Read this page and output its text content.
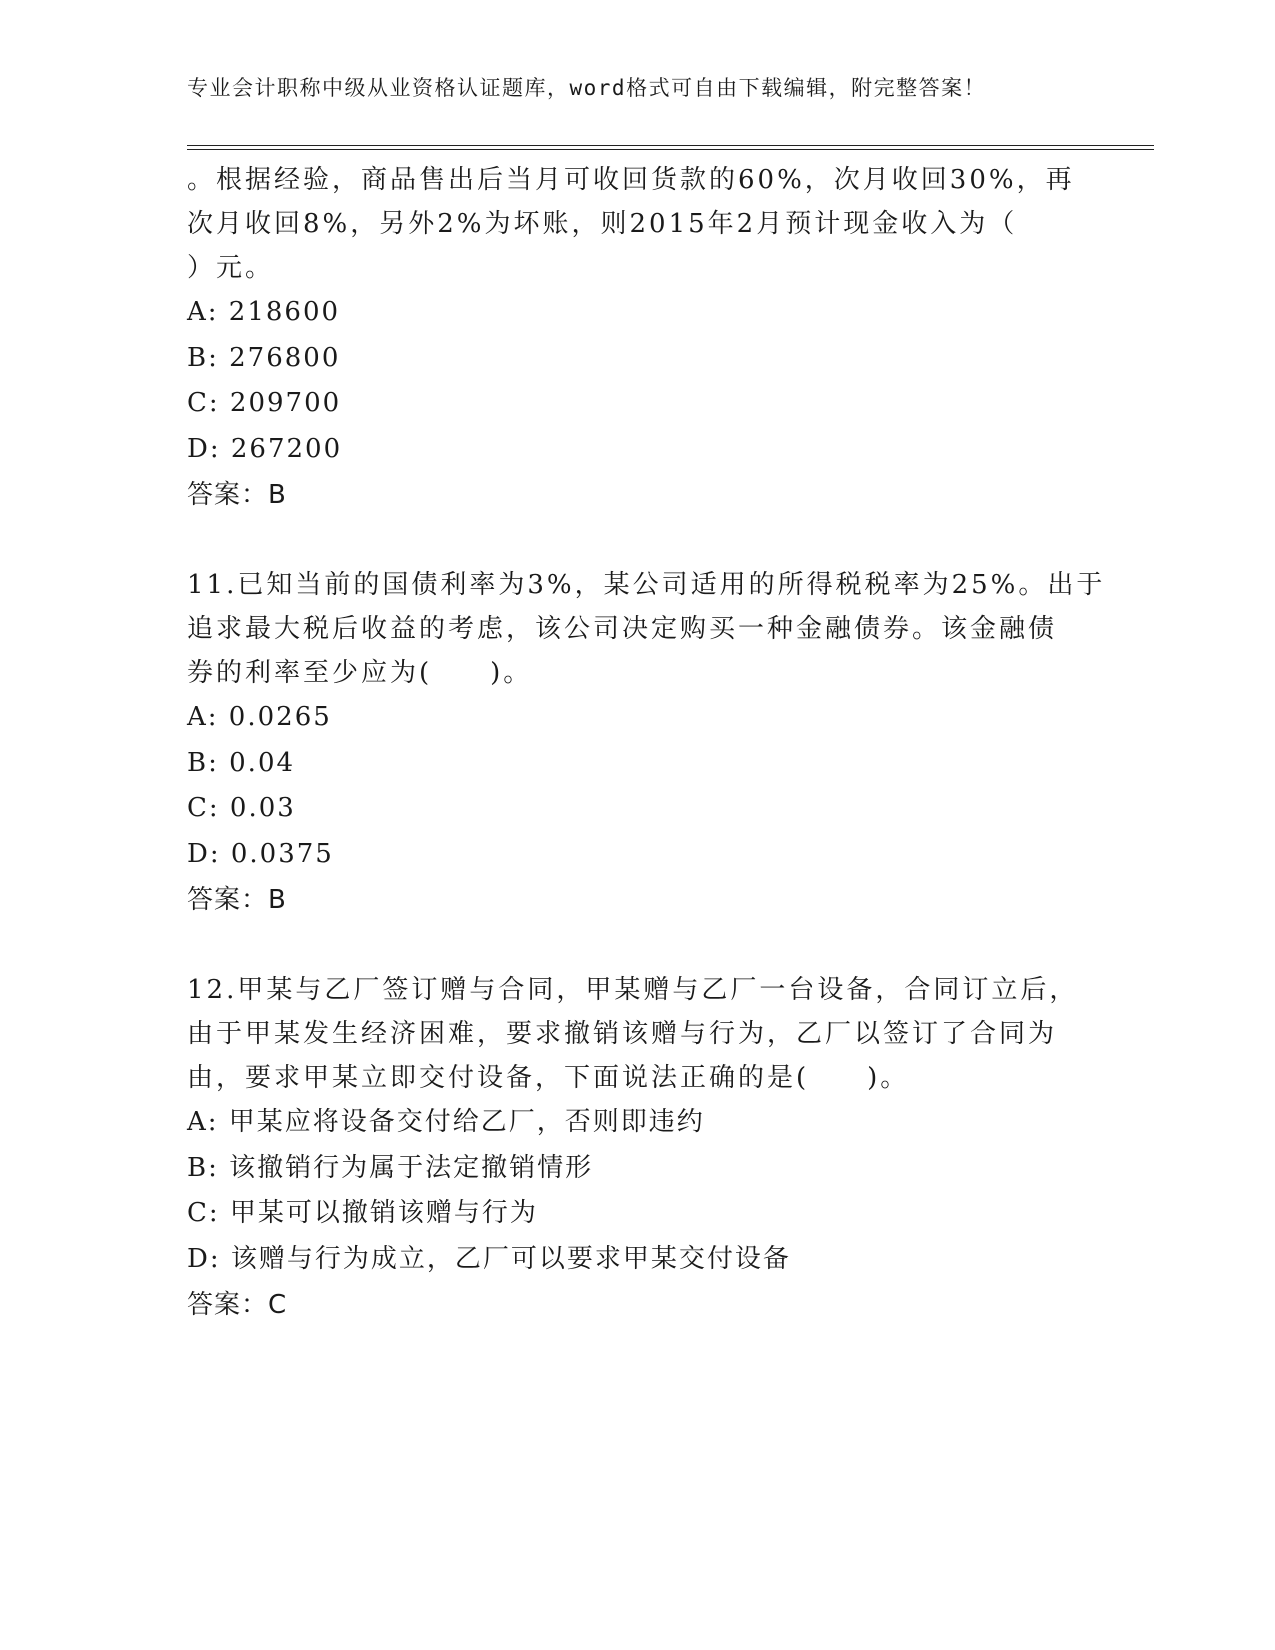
专业会计职称中级从业资格认证题库，word格式可自由下载编辑，附完整答案！
。根据经验，商品售出后当月可收回货款的60%，次月收回30%，再
次月收回8%，另外2%为坏账，则2015年2月预计现金收入为（
）元。
A: 218600
B: 276800
C: 209700
D: 267200
答案：B
11.已知当前的国债利率为3%，某公司适用的所得税税率为25%。出于
追求最大税后收益的考虑，该公司决定购买一种金融债券。该金融债
券的利率至少应为(　　)。
A: 0.0265
B: 0.04
C: 0.03
D: 0.0375
答案：B
12.甲某与乙厂签订赠与合同，甲某赠与乙厂一台设备，合同订立后，
由于甲某发生经济困难，要求撤销该赠与行为，乙厂以签订了合同为
由，要求甲某立即交付设备，下面说法正确的是(　　)。
A: 甲某应将设备交付给乙厂，否则即违约
B: 该撤销行为属于法定撤销情形
C: 甲某可以撤销该赠与行为
D: 该赠与行为成立，乙厂可以要求甲某交付设备
答案：C
